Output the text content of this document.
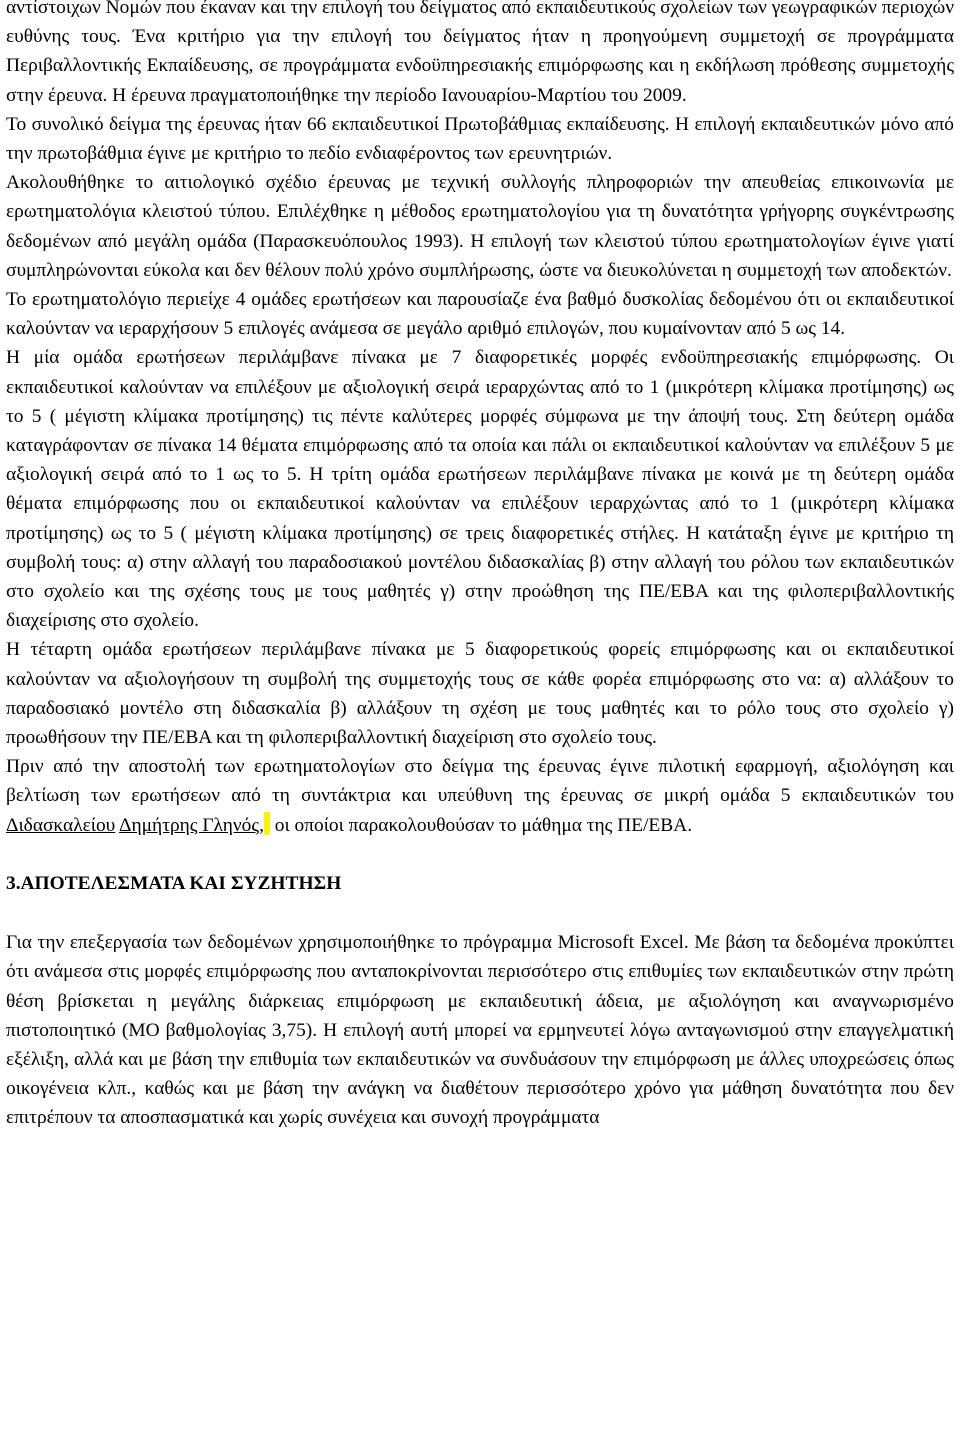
αντίστοιχων Νομών που έκαναν και την επιλογή του δείγματος από εκπαιδευτικούς σχολείων των γεωγραφικών περιοχών ευθύνης τους. Ένα κριτήριο για την επιλογή του δείγματος ήταν η προηγούμενη συμμετοχή σε προγράμματα Περιβαλλοντικής Εκπαίδευσης, σε προγράμματα ενδοϋπηρεσιακής επιμόρφωσης και η εκδήλωση πρόθεσης συμμετοχής στην έρευνα. Η έρευνα πραγματοποιήθηκε την περίοδο Ιανουαρίου-Μαρτίου του 2009.

Το συνολικό δείγμα της έρευνας ήταν 66 εκπαιδευτικοί Πρωτοβάθμιας εκπαίδευσης. Η επιλογή εκπαιδευτικών μόνο από την πρωτοβάθμια έγινε με κριτήριο το πεδίο ενδιαφέροντος των ερευνητριών.

Ακολουθήθηκε το αιτιολογικό σχέδιο έρευνας με τεχνική συλλογής πληροφοριών την απευθείας επικοινωνία με ερωτηματολόγια κλειστού τύπου. Επιλέχθηκε η μέθοδος ερωτηματολογίου για τη δυνατότητα γρήγορης συγκέντρωσης δεδομένων από μεγάλη ομάδα (Παρασκευόπουλος 1993). Η επιλογή των κλειστού τύπου ερωτηματολογίων έγινε γιατί συμπληρώνονται εύκολα και δεν θέλουν πολύ χρόνο συμπλήρωσης, ώστε να διευκολύνεται η συμμετοχή των αποδεκτών.

Το ερωτηματολόγιο περιείχε 4 ομάδες ερωτήσεων και παρουσίαζε ένα βαθμό δυσκολίας δεδομένου ότι οι εκπαιδευτικοί καλούνταν να ιεραρχήσουν 5 επιλογές ανάμεσα σε μεγάλο αριθμό επιλογών, που κυμαίνονταν από 5 ως 14.

Η μία ομάδα ερωτήσεων περιλάμβανε πίνακα με 7 διαφορετικές μορφές ενδοϋπηρεσιακής επιμόρφωσης. Οι εκπαιδευτικοί καλούνταν να επιλέξουν με αξιολογική σειρά ιεραρχώντας από το 1 (μικρότερη κλίμακα προτίμησης) ως το 5 ( μέγιστη κλίμακα προτίμησης) τις πέντε καλύτερες μορφές σύμφωνα με την άποψή τους. Στη δεύτερη ομάδα καταγράφονταν σε πίνακα 14 θέματα επιμόρφωσης από τα οποία και πάλι οι εκπαιδευτικοί καλούνταν να επιλέξουν 5 με αξιολογική σειρά από το 1 ως το 5. Η τρίτη ομάδα ερωτήσεων περιλάμβανε πίνακα με κοινά με τη δεύτερη ομάδα θέματα επιμόρφωσης που οι εκπαιδευτικοί καλούνταν να επιλέξουν ιεραρχώντας από το 1 (μικρότερη κλίμακα προτίμησης) ως το 5 ( μέγιστη κλίμακα προτίμησης) σε τρεις διαφορετικές στήλες. Η κατάταξη έγινε με κριτήριο τη συμβολή τους: α) στην αλλαγή του παραδοσιακού μοντέλου διδασκαλίας β) στην αλλαγή του ρόλου των εκπαιδευτικών στο σχολείο και της σχέσης τους με τους μαθητές γ) στην προώθηση της ΠΕ/ΕΒΑ και της φιλοπεριβαλλοντικής διαχείρισης στο σχολείο.

Η τέταρτη ομάδα ερωτήσεων περιλάμβανε πίνακα με 5 διαφορετικούς φορείς επιμόρφωσης και οι εκπαιδευτικοί καλούνταν να αξιολογήσουν τη συμβολή της συμμετοχής τους σε κάθε φορέα επιμόρφωσης στο να: α) αλλάξουν το παραδοσιακό μοντέλο στη διδασκαλία β) αλλάξουν τη σχέση με τους μαθητές και το ρόλο τους στο σχολείο γ) προωθήσουν την ΠΕ/ΕΒΑ και τη φιλοπεριβαλλοντική διαχείριση στο σχολείο τους.

Πριν από την αποστολή των ερωτηματολογίων στο δείγμα της έρευνας έγινε πιλοτική εφαρμογή, αξιολόγηση και βελτίωση των ερωτήσεων από τη συντάκτρια και υπεύθυνη της έρευνας σε μικρή ομάδα 5 εκπαιδευτικών του Διδασκαλείου Δημήτρης Γληνός, οι οποίοι παρακολουθούσαν το μάθημα της ΠΕ/ΕΒΑ.

3.ΑΠΟΤΕΛΕΣΜΑΤΑ ΚΑΙ ΣΥΖΗΤΗΣΗ

Για την επεξεργασία των δεδομένων χρησιμοποιήθηκε το πρόγραμμα Microsoft Excel. Με βάση τα δεδομένα προκύπτει ότι ανάμεσα στις μορφές επιμόρφωσης που ανταποκρίνονται περισσότερο στις επιθυμίες των εκπαιδευτικών στην πρώτη θέση βρίσκεται η μεγάλης διάρκειας επιμόρφωση με εκπαιδευτική άδεια, με αξιολόγηση και αναγνωρισμένο πιστοποιητικό (ΜΟ βαθμολογίας 3,75). Η επιλογή αυτή μπορεί να ερμηνευτεί λόγω ανταγωνισμού στην επαγγελματική εξέλιξη, αλλά και με βάση την επιθυμία των εκπαιδευτικών να συνδυάσουν την επιμόρφωση με άλλες υποχρεώσεις όπως οικογένεια κλπ., καθώς και με βάση την ανάγκη να διαθέτουν περισσότερο χρόνο για μάθηση δυνατότητα που δεν επιτρέπουν τα αποσπασματικά και χωρίς συνέχεια και συνοχή προγράμματα
